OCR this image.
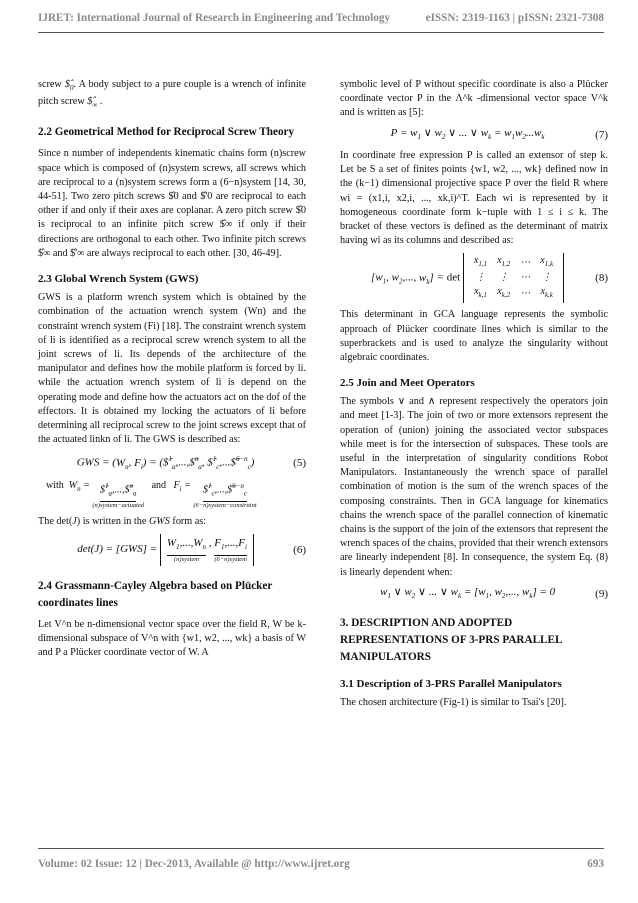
IJRET: International Journal of Research in Engineering and Technology	eISSN: 2319-1163 | pISSN: 2321-7308

screw $\$̂_0$. A body subject to a pure couple is a wrench of infinite pitch screw $\$̂_\infty$ .

2.2 Geometrical Method for Reciprocal Screw Theory

Since n number of independents kinematic chains form (n)screw space which is composed of (n)system screws, all screws which are reciprocal to a (n)system screws form a (6−n)system [14, 30, 44-51]. Two zero pitch screws $̂0 and $̂'0 are reciprocal to each other if and only if their axes are coplanar. A zero pitch screw $̂0 is reciprocal to an infinite pitch screw $̂∞ if only if their directions are orthogonal to each other. Two infinite pitch screws $̂∞ and $̂'∞ are always reciprocal to each other. [30, 46-49].

2.3 Global Wrench System (GWS)

GWS is a platform wrench system which is obtained by the combination of the actuation wrench system (Wn) and the constraint wrench system (Fi) [18]. The constraint wrench system of li is identified as a reciprocal screw wrench system to all the joint screws of li. Its depends of the architecture of the manipulator and defines how the mobile platform is forced by li. while the actuation wrench system of li is depend on the operating mode and define how the actuators act on the dof of the effectors. It is obtained my locking the actuators of li before determining all reciprocal screw to the joint screws except that of the actuated linkn of li. The GWS is described as:

GWS = ($W_n$, $F_i$) = ($̂$^1_a$,...,$̂$^n_a$, $̂$^1_c$,...$̂$^{6-n}_c$)	(5)
with $W_n$ = $̂$^1_a$,...,$̂$^n_a$
(n)system−actuated
and $F_i$ = $̂$^1_c$,...,$̂$^{6-n}_c$
(6−n)system−constraint

The det(J) is written in the GWS form as:

det(J) = [GWS] =
$W_1,...,W_n$
(n)system
, $F_1,...,F_i$
(6−n)system
(6)
2.4 Grassmann-Cayley Algebra based on Plücker coordinates lines

Let V^n be n-dimensional vector space over the field R, W be k-dimensional subspace of V^n with {w1, w2, ..., wk} a basis of W and P a Plücker coordinate vector of W. A

symbolic level of P without specific coordinate is also a Plücker coordinate vector P in the Λ^k -dimensional vector space V^k and is written as [5]:

$P = w_1$ ∨ $w_2$ ∨ ... ∨ $w_k = w_1w_2...w_k$	(7)

In coordinate free expression P is called an extensor of step k. Let be S a set of finites points {w1, w2, ..., wk} defined now in the (k−1) dimensional projective space P over the field R where wi = (x1,i, x2,i, ..., xk,i)^T. Each wi is represented by it homogeneous coordinate form k−tuple with 1 ≤ i ≤ k. The bracket of these vectors is defined as the determinant of matrix having wi as its columns and described as:

[$w_1$, $w_2$,..., $w_k] = \det$
$x_{1,1}$	$x_{1,2}$	⋯	$x_{1,k}$
⋮	⋮	⋯	⋮
$x_{k,1}$	$x_{k,2}$	⋯	$x_{k,k}$
(8)

This determinant in GCA language represents the symbolic approach of Plücker coordinate lines which is similar to the superbrackets and is used to analyze the singularity without algebraic coordinates.

2.5 Join and Meet Operators

The symbols ∨ and ∧ represent respectively the operators join and meet [1-3]. The join of two or more extensors represent the operation of (union) joining the associated vector subspaces while meet is for the intersection of subspaces. These tools are useful in the interpretation of singularity conditions Robot Manipulators. Instantaneously the wrench space of parallel combination of motion is the sum of the wrench spaces of the composing constraints. Then in GCA language for kinematics chains the wrench space of the parallel connection of kinematic chains is the support of the join of the extensors that represent the wrench spaces of the chains, provided that their wrench extensors are linearly independent [8]. In consequence, the system Eq. (8) is linearly dependent when:

$w_1$ ∨ $w_2$ ∨ ... ∨ $w_k = [w_1$, $w_2$,..., $w_k] = 0$	(9)
3. DESCRIPTION AND ADOPTED REPRESENTATIONS OF 3-PRS PARALLEL MANIPULATORS
3.1 Description of 3-PRS Parallel Manipulators

The chosen architecture (Fig-1) is similar to Tsai's [20].

Volume: 02 Issue: 12 | Dec-2013, Available @ http://www.ijret.org	693
